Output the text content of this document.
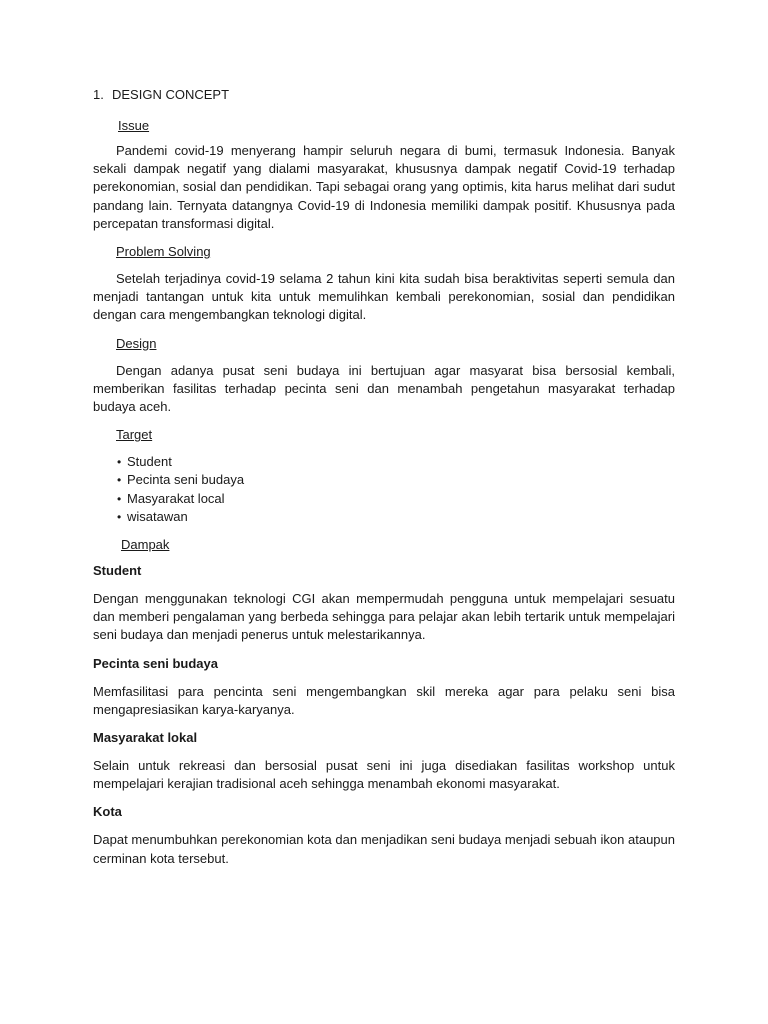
1. DESIGN CONCEPT
Issue

Pandemi covid-19 menyerang hampir seluruh negara di bumi, termasuk Indonesia. Banyak sekali dampak negatif yang dialami masyarakat, khususnya dampak negatif Covid-19 terhadap perekonomian, sosial dan pendidikan. Tapi sebagai orang yang optimis, kita harus melihat dari sudut pandang lain. Ternyata datangnya Covid-19 di Indonesia memiliki dampak positif. Khususnya pada percepatan transformasi digital.

Problem Solving

Setelah terjadinya covid-19 selama 2 tahun kini kita sudah bisa beraktivitas seperti semula dan menjadi tantangan untuk kita untuk memulihkan kembali perekonomian, sosial dan pendidikan dengan cara mengembangkan teknologi digital.

Design

Dengan adanya pusat seni budaya ini bertujuan agar masyarat bisa bersosial kembali, memberikan fasilitas terhadap pecinta seni dan menambah pengetahun masyarakat terhadap budaya aceh.

Target
• Student
• Pecinta seni budaya
• Masyarakat local
• wisatawan
Dampak
Student

Dengan menggunakan teknologi CGI akan mempermudah pengguna untuk mempelajari sesuatu dan memberi pengalaman yang berbeda sehingga para pelajar akan lebih tertarik untuk mempelajari seni budaya dan menjadi penerus untuk melestarikannya.

Pecinta seni budaya

Memfasilitasi para pencinta seni mengembangkan skil mereka agar para pelaku seni bisa mengapresiasikan karya-karyanya.

Masyarakat lokal

Selain untuk rekreasi dan bersosial pusat seni ini juga disediakan fasilitas workshop untuk mempelajari kerajian tradisional aceh sehingga menambah ekonomi masyarakat.

Kota

Dapat menumbuhkan perekonomian kota dan menjadikan seni budaya menjadi sebuah ikon ataupun cerminan kota tersebut.
